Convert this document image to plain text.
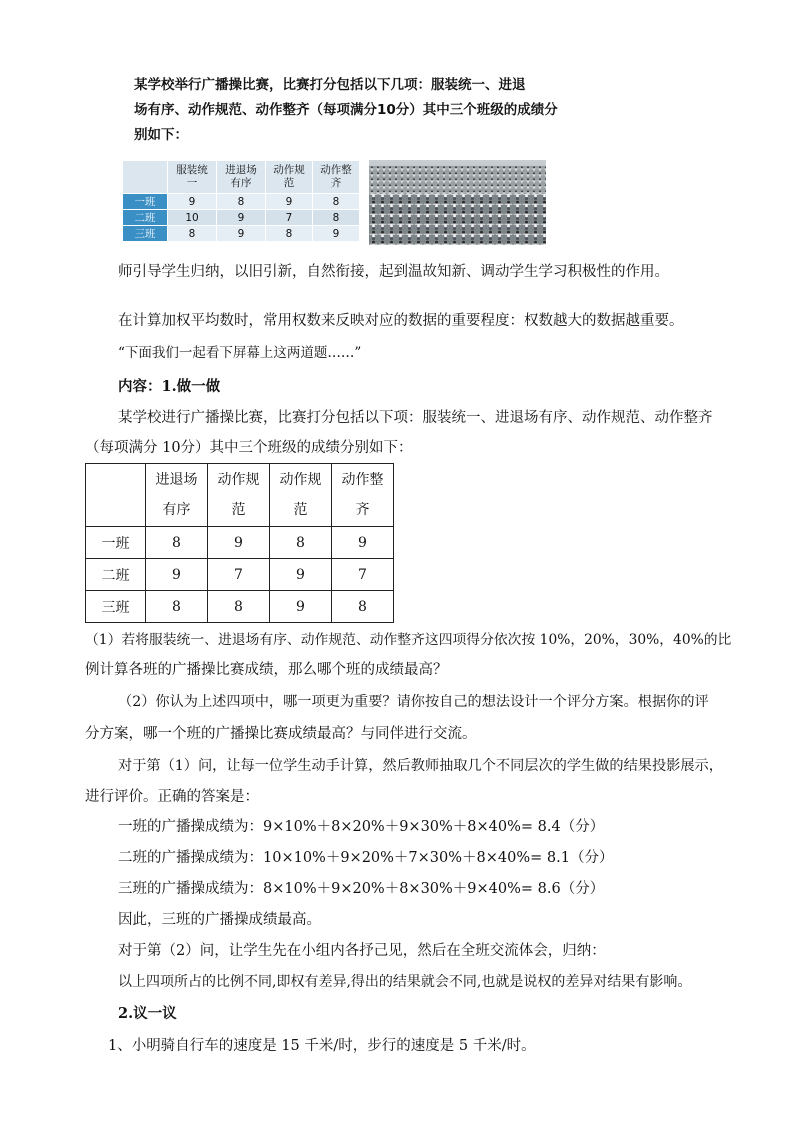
某学校举行广播操比赛，比赛打分包括以下几项：服装统一、进退
场有序、动作规范、动作整齐（每项满分10分）其中三个班级的成绩分
别如下：
	服装统
一	进退场
有序	动作规
范	动作整
齐
一班	9	8	9	8
二班	10	9	7	8
三班	8	9	8	9
师引导学生归纳，以旧引新，自然衔接，起到温故知新、调动学生学习积极性的作用。
在计算加权平均数时，常用权数来反映对应的数据的重要程度：权数越大的数据越重要。
“下面我们一起看下屏幕上这两道题……”
内容：1.做一做
某学校进行广播操比赛，比赛打分包括以下项：服装统一、进退场有序、动作规范、动作整齐
（每项满分 10分）其中三个班级的成绩分别如下：
	进退场
有序	动作规
范	动作规
范	动作整
齐
一班	8	9	8	9
二班	9	7	9	7
三班	8	8	9	8
（1）若将服装统一、进退场有序、动作规范、动作整齐这四项得分依次按 10%，20%，30%，40%的比
例计算各班的广播操比赛成绩，那么哪个班的成绩最高？
（2）你认为上述四项中，哪一项更为重要？请你按自己的想法设计一个评分方案。根据你的评
分方案，哪一个班的广播操比赛成绩最高？与同伴进行交流。
对于第（1）问，让每一位学生动手计算，然后教师抽取几个不同层次的学生做的结果投影展示，
进行评价。正确的答案是：
一班的广播操成绩为：9×10%＋8×20%＋9×30%＋8×40%= 8.4（分）
二班的广播操成绩为：10×10%＋9×20%＋7×30%＋8×40%= 8.1（分）
三班的广播操成绩为：8×10%＋9×20%＋8×30%＋9×40%= 8.6（分）
因此，三班的广播操成绩最高。
对于第（2）问，让学生先在小组内各抒己见，然后在全班交流体会，归纳：
以上四项所占的比例不同,即权有差异,得出的结果就会不同,也就是说权的差异对结果有影响。
2.议一议
1、小明骑自行车的速度是 15 千米/时，步行的速度是 5 千米/时。
